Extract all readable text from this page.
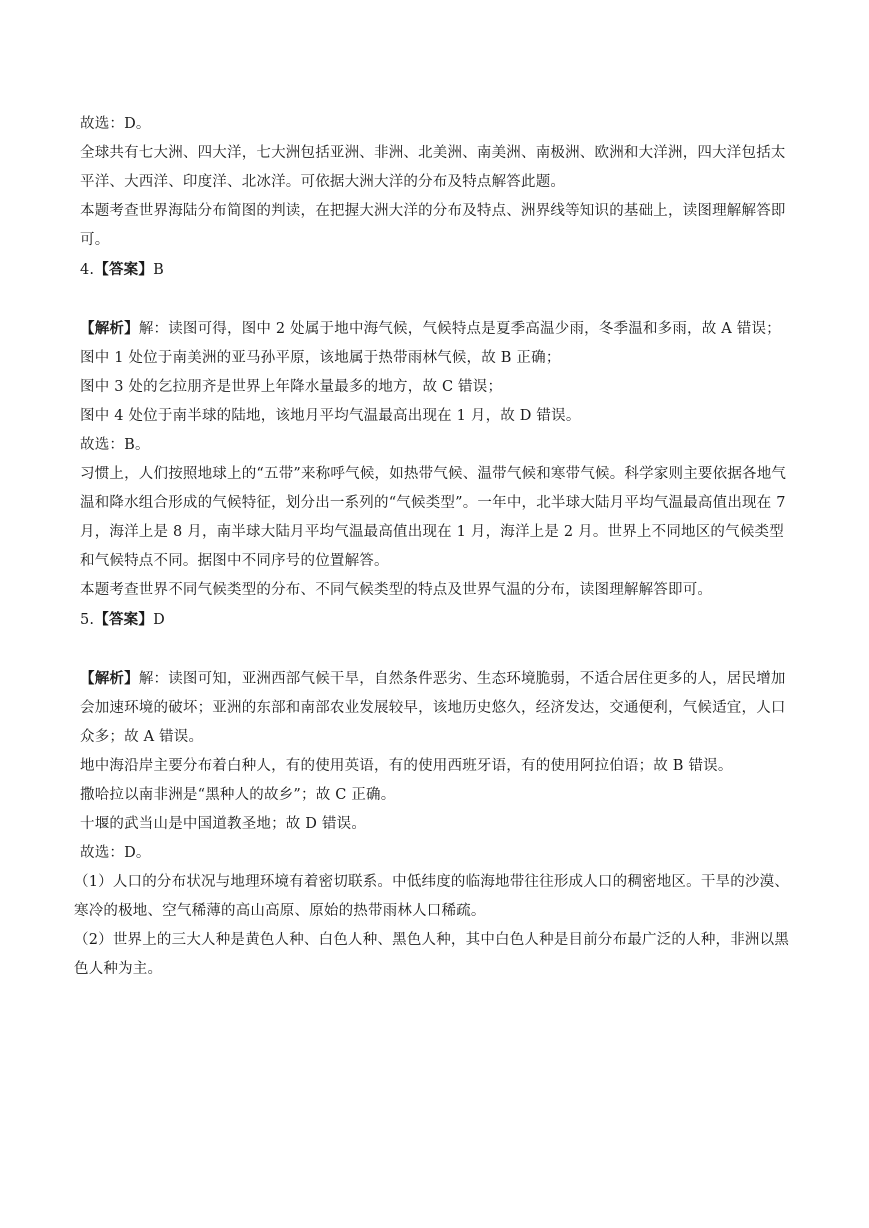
故选：D。

全球共有七大洲、四大洋，七大洲包括亚洲、非洲、北美洲、南美洲、南极洲、欧洲和大洋洲，四大洋包括太平洋、大西洋、印度洋、北冰洋。可依据大洲大洋的分布及特点解答此题。

本题考查世界海陆分布简图的判读，在把握大洲大洋的分布及特点、洲界线等知识的基础上，读图理解解答即可。

4.【答案】B

【解析】解：读图可得，图中 2 处属于地中海气候，气候特点是夏季高温少雨，冬季温和多雨，故 A 错误；

图中 1 处位于南美洲的亚马孙平原，该地属于热带雨林气候，故 B 正确；

图中 3 处的乞拉朋齐是世界上年降水量最多的地方，故 C 错误；

图中 4 处位于南半球的陆地，该地月平均气温最高出现在 1 月，故 D 错误。

故选：B。

习惯上，人们按照地球上的“五带”来称呼气候，如热带气候、温带气候和寒带气候。科学家则主要依据各地气温和降水组合形成的气候特征，划分出一系列的“气候类型”。一年中，北半球大陆月平均气温最高值出现在 7 月，海洋上是 8 月，南半球大陆月平均气温最高值出现在 1 月，海洋上是 2 月。世界上不同地区的气候类型和气候特点不同。据图中不同序号的位置解答。

本题考查世界不同气候类型的分布、不同气候类型的特点及世界气温的分布，读图理解解答即可。

5.【答案】D

【解析】解：读图可知，亚洲西部气候干旱，自然条件恶劣、生态环境脆弱，不适合居住更多的人，居民增加会加速环境的破坏；亚洲的东部和南部农业发展较早，该地历史悠久，经济发达，交通便利，气候适宜，人口众多；故 A 错误。

地中海沿岸主要分布着白种人，有的使用英语，有的使用西班牙语，有的使用阿拉伯语；故 B 错误。

撒哈拉以南非洲是“黑种人的故乡”；故 C 正确。

十堰的武当山是中国道教圣地；故 D 错误。

故选：D。

（1）人口的分布状况与地理环境有着密切联系。中低纬度的临海地带往往形成人口的稠密地区。干旱的沙漠、寒冷的极地、空气稀薄的高山高原、原始的热带雨林人口稀疏。

（2）世界上的三大人种是黄色人种、白色人种、黑色人种，其中白色人种是目前分布最广泛的人种，非洲以黑色人种为主。
